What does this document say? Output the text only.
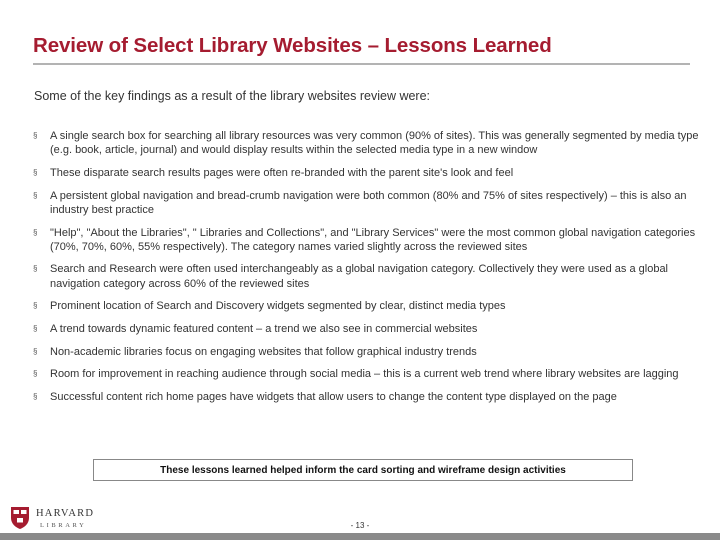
Review of Select Library Websites – Lessons Learned
Some of the key findings as a result of the library websites review were:
§ A single search box for searching all library resources was very common (90% of sites). This was generally segmented by media type (e.g. book, article, journal) and would display results within the selected media type in a new window
§ These disparate search results pages were often re-branded with the parent site's look and feel
§ A persistent global navigation and bread-crumb navigation were both common (80% and 75% of sites respectively) – this is also an industry best practice
§ "Help", "About the Libraries", " Libraries and Collections", and "Library Services" were the most common global navigation categories (70%, 70%, 60%, 55% respectively). The category names varied slightly across the reviewed sites
§ Search and Research were often used interchangeably as a global navigation category. Collectively they were used as a global navigation category across 60% of the reviewed sites
§ Prominent location of Search and Discovery widgets segmented by clear, distinct media types
§ A trend towards dynamic featured content – a trend we also see in commercial websites
§ Non-academic libraries focus on engaging websites that follow graphical industry trends
§ Room for improvement in reaching audience through social media – this is a current web trend where library websites are lagging
§ Successful content rich home pages have widgets that allow users to change the content type displayed on the page
These lessons learned helped inform the card sorting and wireframe design activities
HARVARD
LIBRARY	- 13 -
